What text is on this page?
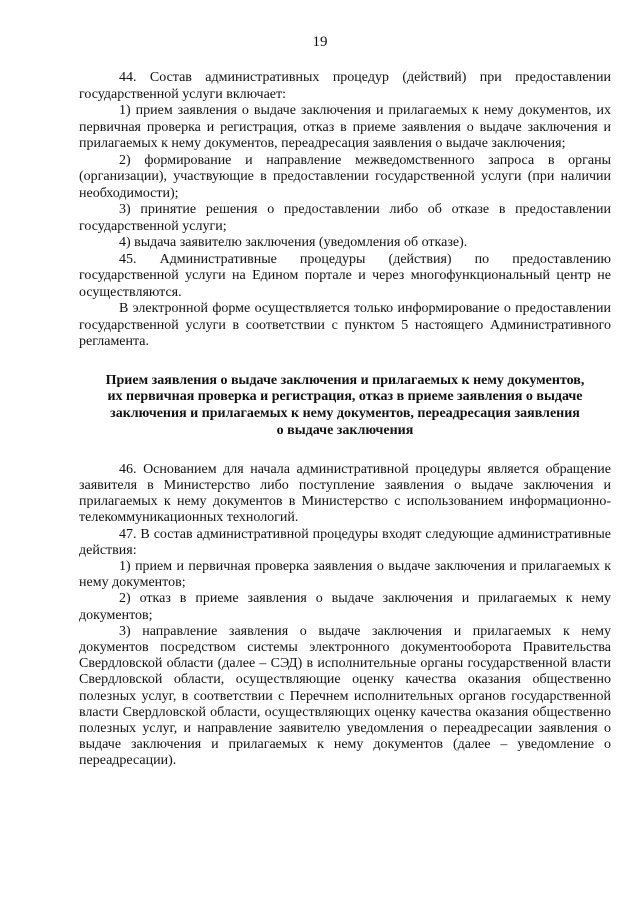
19

44. Состав административных процедур (действий) при предоставлении государственной услуги включает:

1) прием заявления о выдаче заключения и прилагаемых к нему документов, их первичная проверка и регистрация, отказ в приеме заявления о выдаче заключения и прилагаемых к нему документов, переадресация заявления о выдаче заключения;

2) формирование и направление межведомственного запроса в органы (организации), участвующие в предоставлении государственной услуги (при наличии необходимости);

3) принятие решения о предоставлении либо об отказе в предоставлении государственной услуги;

4) выдача заявителю заключения (уведомления об отказе).

45. Административные процедуры (действия) по предоставлению государственной услуги на Едином портале и через многофункциональный центр не осуществляются.

В электронной форме осуществляется только информирование о предоставлении государственной услуги в соответствии с пунктом 5 настоящего Административного регламента.

Прием заявления о выдаче заключения и прилагаемых к нему документов,
их первичная проверка и регистрация, отказ в приеме заявления о выдаче
заключения и прилагаемых к нему документов, переадресация заявления
о выдаче заключения

46. Основанием для начала административной процедуры является обращение заявителя в Министерство либо поступление заявления о выдаче заключения и прилагаемых к нему документов в Министерство с использованием информационно-телекоммуникационных технологий.

47. В состав административной процедуры входят следующие административные действия:

1) прием и первичная проверка заявления о выдаче заключения и прилагаемых к нему документов;

2) отказ в приеме заявления о выдаче заключения и прилагаемых к нему документов;

3) направление заявления о выдаче заключения и прилагаемых к нему документов посредством системы электронного документооборота Правительства Свердловской области (далее – СЭД) в исполнительные органы государственной власти Свердловской области, осуществляющие оценку качества оказания общественно полезных услуг, в соответствии с Перечнем исполнительных органов государственной власти Свердловской области, осуществляющих оценку качества оказания общественно полезных услуг, и направление заявителю уведомления о переадресации заявления о выдаче заключения и прилагаемых к нему документов (далее – уведомление о переадресации).
